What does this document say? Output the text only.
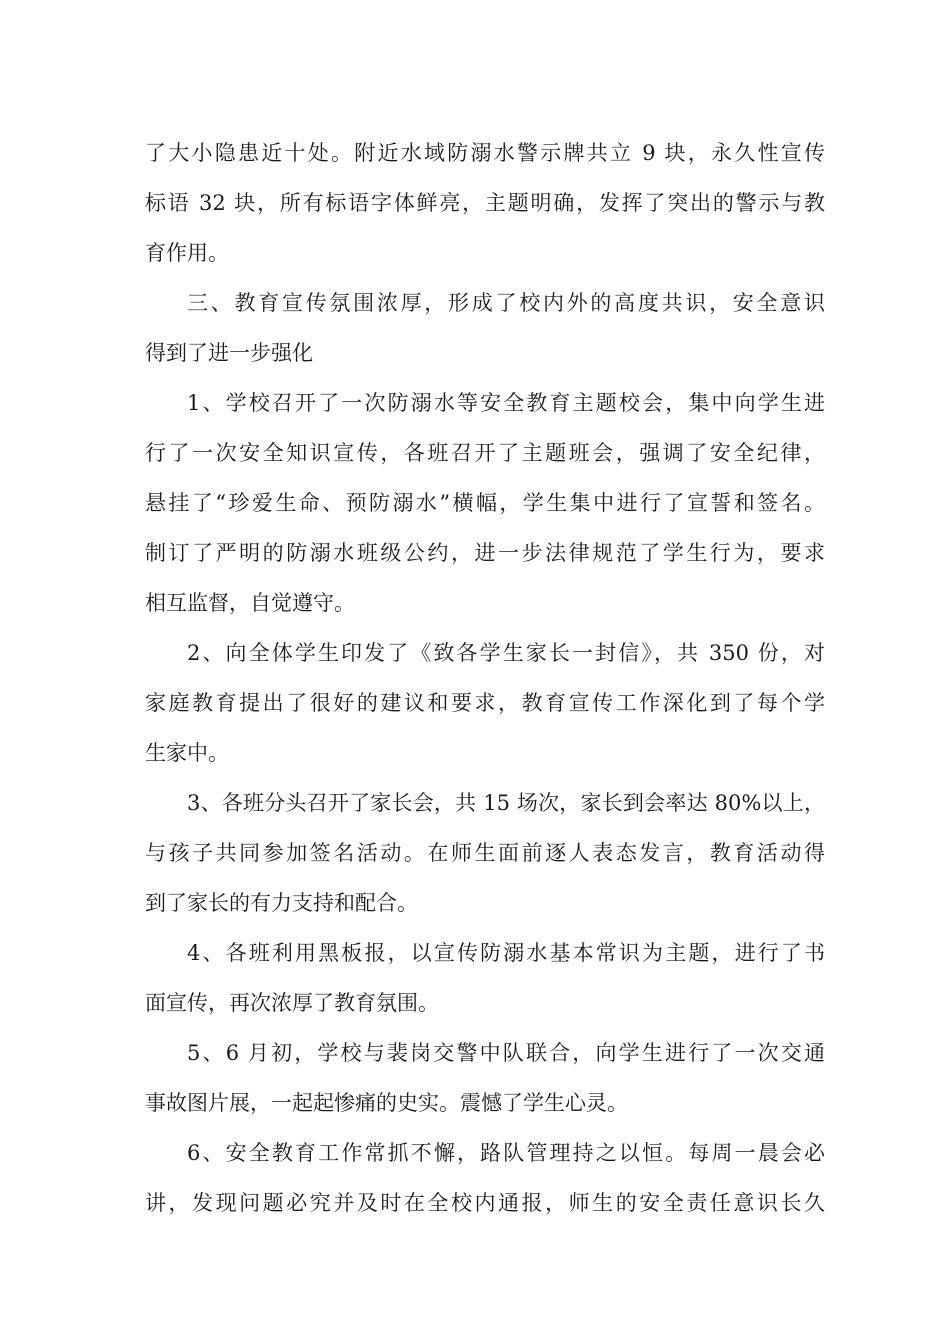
了大小隐患近十处。附近水域防溺水警示牌共立 9 块，永久性宣传
标语 32 块，所有标语字体鲜亮，主题明确，发挥了突出的警示与教
育作用。
三、教育宣传氛围浓厚，形成了校内外的高度共识，安全意识
得到了进一步强化
1、学校召开了一次防溺水等安全教育主题校会，集中向学生进
行了一次安全知识宣传，各班召开了主题班会，强调了安全纪律，
悬挂了“珍爱生命、预防溺水”横幅，学生集中进行了宣誓和签名。
制订了严明的防溺水班级公约，进一步法律规范了学生行为，要求
相互监督，自觉遵守。
2、向全体学生印发了《致各学生家长一封信》，共 350 份，对
家庭教育提出了很好的建议和要求，教育宣传工作深化到了每个学
生家中。
3、各班分头召开了家长会，共 15 场次，家长到会率达 80%以上，
与孩子共同参加签名活动。在师生面前逐人表态发言，教育活动得
到了家长的有力支持和配合。
4、各班利用黑板报，以宣传防溺水基本常识为主题，进行了书
面宣传，再次浓厚了教育氛围。
5、6 月初，学校与裴岗交警中队联合，向学生进行了一次交通
事故图片展，一起起惨痛的史实。震憾了学生心灵。
6、安全教育工作常抓不懈，路队管理持之以恒。每周一晨会必
讲，发现问题必究并及时在全校内通报，师生的安全责任意识长久
